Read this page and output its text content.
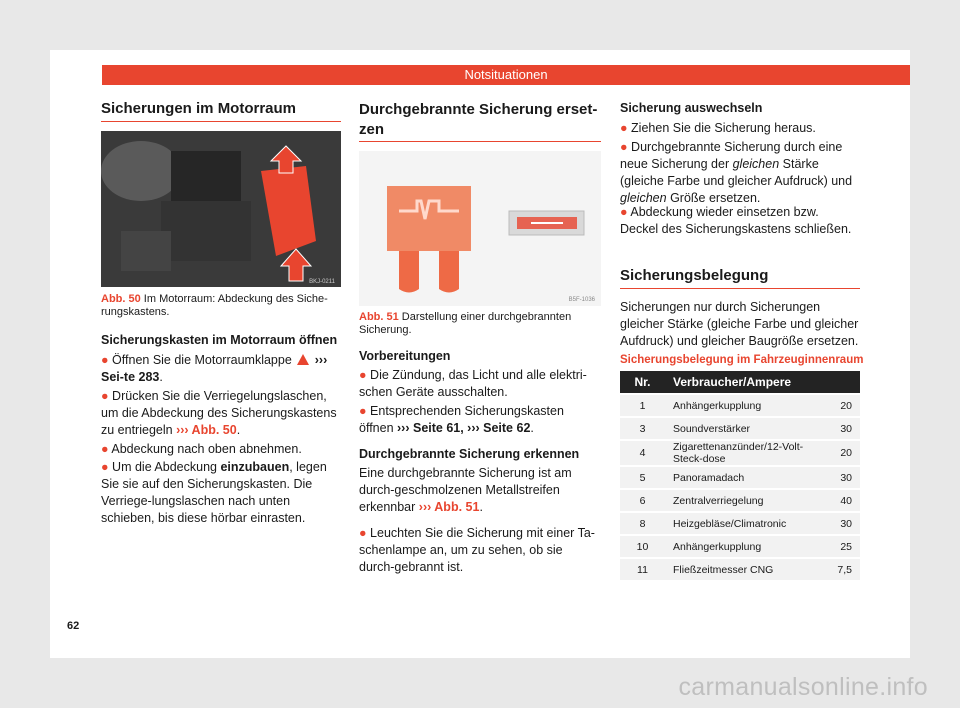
Notsituationen
Sicherungen im Motorraum
BKJ-0211
Abb. 50 Im Motorraum: Abdeckung des Siche-rungskastens.
Sicherungskasten im Motorraum öffnen
● Öffnen Sie die Motorraumklappe ››› Sei-te 283.
● Drücken Sie die Verriegelungslaschen, um die Abdeckung des Sicherungskastens zu entriegeln ››› Abb. 50.
● Abdeckung nach oben abnehmen.
● Um die Abdeckung einzubauen, legen Sie sie auf den Sicherungskasten. Die Verriege-lungslaschen nach unten schieben, bis diese hörbar einrasten.
Durchgebrannte Sicherung erset-
zen
B5F-1036
Abb. 51 Darstellung einer durchgebrannten Sicherung.
Vorbereitungen
● Die Zündung, das Licht und alle elektri-schen Geräte ausschalten.
● Entsprechenden Sicherungskasten öffnen ››› Seite 61, ››› Seite 62.
Durchgebrannte Sicherung erkennen
Eine durchgebrannte Sicherung ist am durch-geschmolzenen Metallstreifen erkennbar ››› Abb. 51.
● Leuchten Sie die Sicherung mit einer Ta-schenlampe an, um zu sehen, ob sie durch-gebrannt ist.
Sicherung auswechseln
● Ziehen Sie die Sicherung heraus.
● Durchgebrannte Sicherung durch eine neue Sicherung der gleichen Stärke (gleiche Farbe und gleicher Aufdruck) und gleichen Größe ersetzen.
● Abdeckung wieder einsetzen bzw. Deckel des Sicherungskastens schließen.
Sicherungsbelegung
Sicherungen nur durch Sicherungen gleicher Stärke (gleiche Farbe und gleicher Aufdruck) und gleicher Baugröße ersetzen.
Sicherungsbelegung im Fahrzeuginnenraum
Nr.	Verbraucher/Ampere	
1	Anhängerkupplung	20
3	Soundverstärker	30
4	Zigarettenanzünder/12-Volt-Steck-dose	20
5	Panoramadach	30
6	Zentralverriegelung	40
8	Heizgebläse/Climatronic	30
10	Anhängerkupplung	25
11	Fließzeitmesser CNG	7,5
62
carmanualsonline.info
